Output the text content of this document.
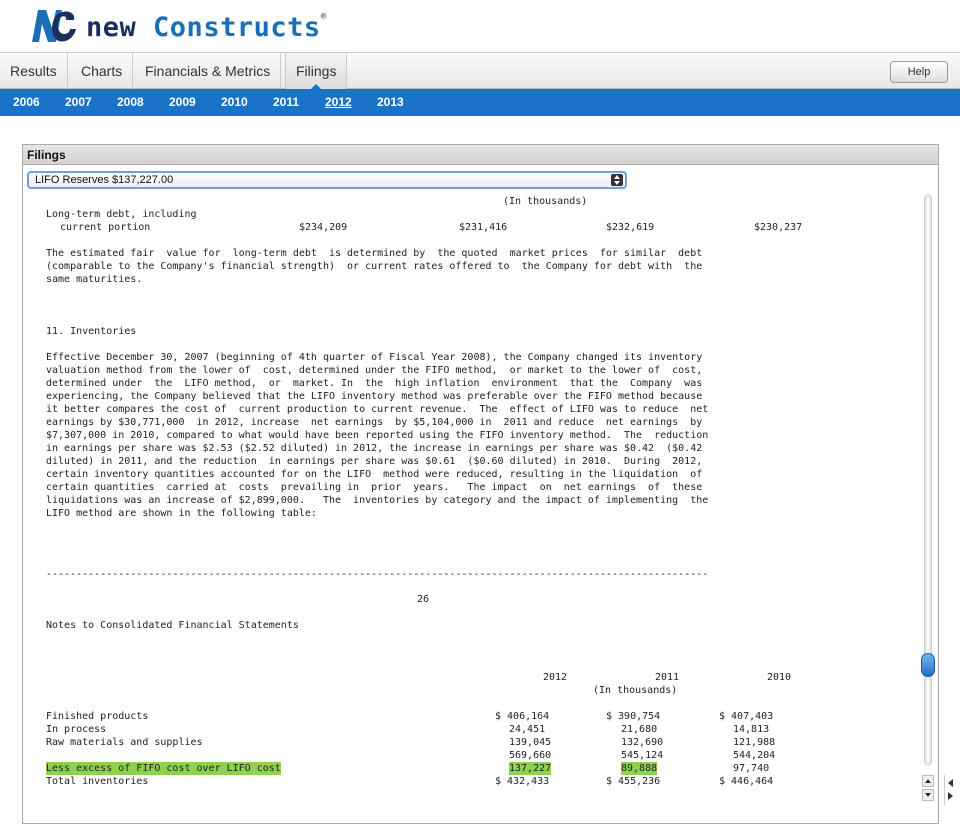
new Constructs®
Results	Charts	Financials & Metrics	Filings	Help
2006 2007 2008 2009 2010 2011 2012 2013
Filings
LIFO Reserves $137,227.00
(In thousands)
Long-term debt, including
current portion	$234,209	$231,416	$232,619	$230,237
The estimated fair  value for  long-term debt  is determined by  the quoted  market prices  for similar  debt
(comparable to the Company's financial strength)  or current rates offered to  the Company for debt with  the
same maturities.
11. Inventories
Effective December 30, 2007 (beginning of 4th quarter of Fiscal Year 2008), the Company changed its inventory
valuation method from the lower of  cost, determined under the FIFO method,  or market to the lower of  cost,
determined under  the  LIFO method,  or  market. In  the  high inflation  environment  that the  Company  was
experiencing, the Company believed that the LIFO inventory method was preferable over the FIFO method because
it better compares the cost of  current production to current revenue.  The  effect of LIFO was to reduce  net
earnings by $30,771,000  in 2012, increase  net earnings  by $5,104,000 in  2011 and reduce  net earnings  by
$7,307,000 in 2010, compared to what would have been reported using the FIFO inventory method.  The  reduction
in earnings per share was $2.53 ($2.52 diluted) in 2012, the increase in earnings per share was $0.42  ($0.42
diluted) in 2011, and the reduction  in earnings per share was $0.61  ($0.60 diluted) in 2010.  During  2012,
certain inventory quantities accounted for on the LIFO  method were reduced, resulting in the liquidation  of
certain quantities  carried at  costs  prevailing in  prior  years.   The impact  on  net earnings  of  these
liquidations was an increase of $2,899,000.   The  inventories by category and the impact of implementing  the
LIFO method are shown in the following table:
--------------------------------------------------------------------------------------------------------------
26
Notes to Consolidated Financial Statements
2012	2011	2010
(In thousands)
Finished products	$ 406,164	$ 390,754	$ 407,403
In process	24,451	21,680	14,813
Raw materials and supplies	139,045	132,690	121,988
569,660	545,124	544,204
Less excess of FIFO cost over LIFO cost	137,227	89,888	97,740
Total inventories	$ 432,433	$ 455,236	$ 446,464
